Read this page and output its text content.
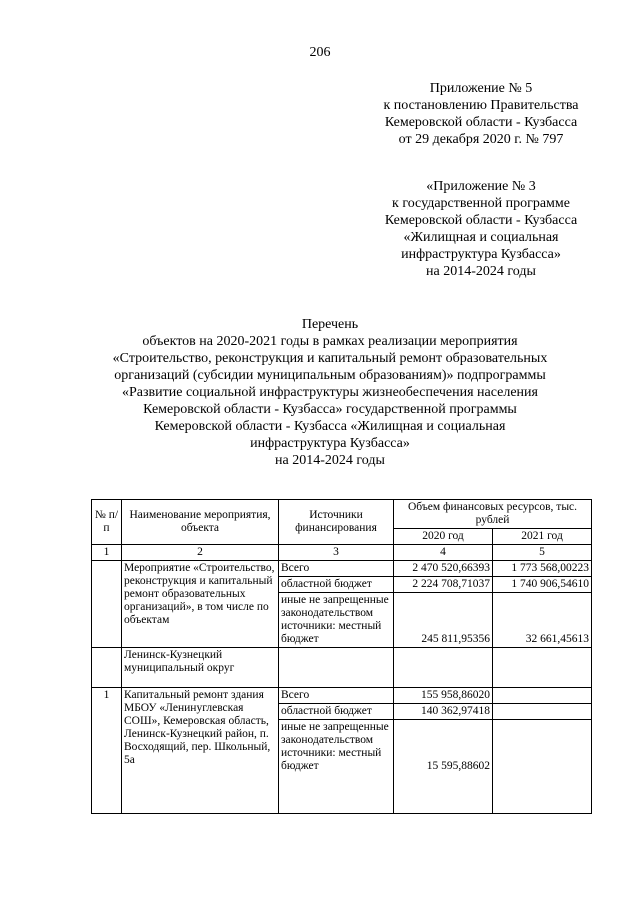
206
Приложение № 5
к постановлению Правительства
Кемеровской области - Кузбасса
от 29 декабря 2020 г. № 797
«Приложение № 3
к государственной программе
Кемеровской области - Кузбасса
«Жилищная и социальная
инфраструктура Кузбасса»
на 2014-2024 годы
Перечень
объектов на 2020-2021 годы в рамках реализации мероприятия
«Строительство, реконструкция и капитальный ремонт образовательных
организаций (субсидии муниципальным образованиям)» подпрограммы
«Развитие социальной инфраструктуры жизнеобеспечения населения
Кемеровской области - Кузбасса» государственной программы
Кемеровской области - Кузбасса «Жилищная и социальная
инфраструктура Кузбасса»
на 2014-2024 годы
№ п/п	Наименование мероприятия, объекта	Источники финансирования	Объем финансовых ресурсов, тыс. рублей	
			2020 год	2021 год
1	2	3	4	5
	Мероприятие «Строительство, реконструкция и капитальный ремонт образовательных организаций», в том числе по объектам	Всего	2 470 520,66393	1 773 568,00223
		областной бюджет	2 224 708,71037	1 740 906,54610
		иные не запрещенные законодательством источники: местный бюджет	245 811,95356	32 661,45613
	Ленинск-Кузнецкий муниципальный округ			
1	Капитальный ремонт здания МБОУ «Ленинуглевская СОШ», Кемеровская область, Ленинск-Кузнецкий район, п. Восходящий, пер. Школьный, 5а	Всего	155 958,86020	
		областной бюджет	140 362,97418	
		иные не запрещенные законодательством источники: местный бюджет	15 595,88602	
